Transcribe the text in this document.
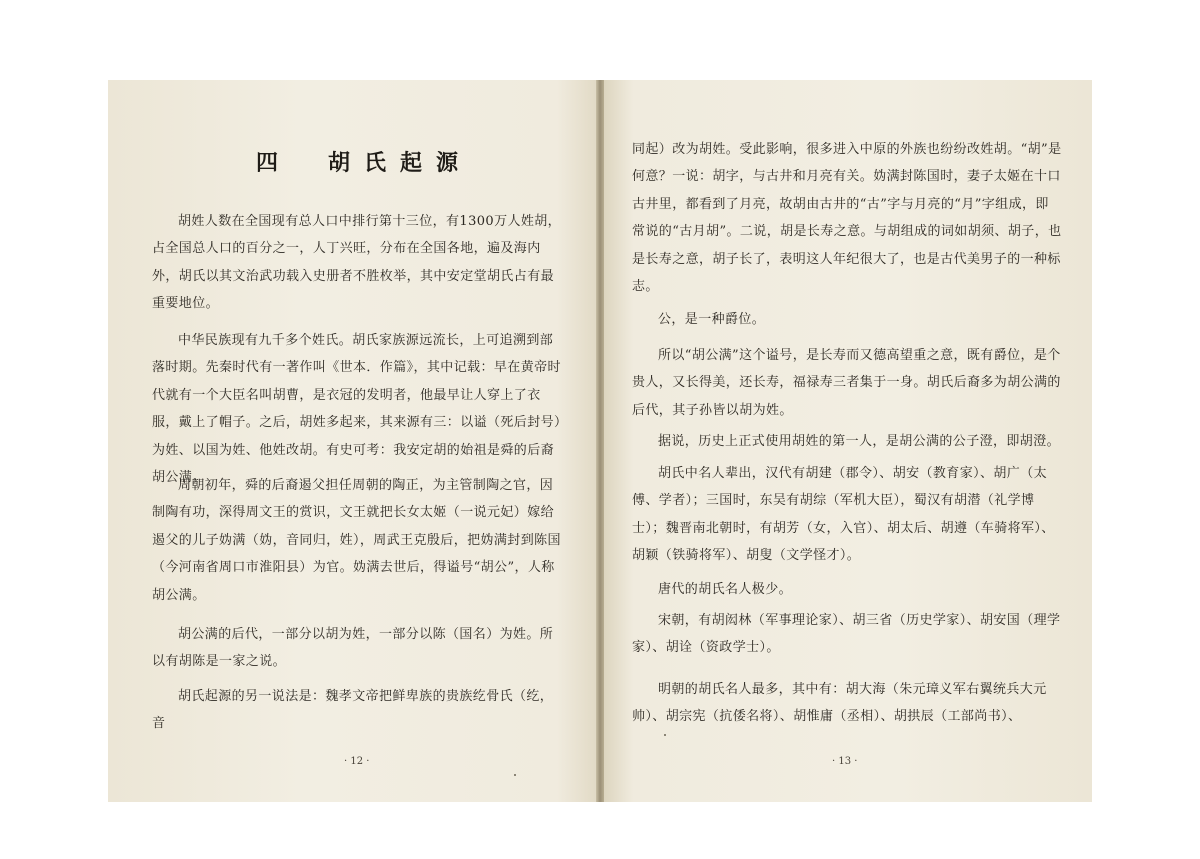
四　胡氏起源

胡姓人数在全国现有总人口中排行第十三位，有1300万人姓胡，占全国总人口的百分之一，人丁兴旺，分布在全国各地，遍及海内外，胡氏以其文治武功载入史册者不胜枚举，其中安定堂胡氏占有最重要地位。

中华民族现有九千多个姓氏。胡氏家族源远流长，上可追溯到部落时期。先秦时代有一著作叫《世本．作篇》，其中记载：早在黄帝时代就有一个大臣名叫胡曹，是衣冠的发明者，他最早让人穿上了衣服，戴上了帽子。之后，胡姓多起来，其来源有三：以谥（死后封号）为姓、以国为姓、他姓改胡。有史可考：我安定胡的始祖是舜的后裔胡公满。

周朝初年，舜的后裔遏父担任周朝的陶正，为主管制陶之官，因制陶有功，深得周文王的赏识，文王就把长女太姬（一说元妃）嫁给遏父的儿子妫满（妫，音同归，姓），周武王克殷后，把妫满封到陈国（今河南省周口市淮阳县）为官。妫满去世后，得谥号“胡公”，人称胡公满。

胡公满的后代，一部分以胡为姓，一部分以陈（国名）为姓。所以有胡陈是一家之说。

胡氏起源的另一说法是：魏孝文帝把鲜卑族的贵族纥骨氏（纥，音

· 12 ·

同起）改为胡姓。受此影响，很多进入中原的外族也纷纷改姓胡。“胡”是何意？一说：胡字，与古井和月亮有关。妫满封陈国时，妻子太姬在十口古井里，都看到了月亮，故胡由古井的“古”字与月亮的“月”字组成，即常说的“古月胡”。二说，胡是长寿之意。与胡组成的词如胡须、胡子，也是长寿之意，胡子长了，表明这人年纪很大了，也是古代美男子的一种标志。

公，是一种爵位。

所以“胡公满”这个谥号，是长寿而又德高望重之意，既有爵位，是个贵人，又长得美，还长寿，福禄寿三者集于一身。胡氏后裔多为胡公满的后代，其子孙皆以胡为姓。

据说，历史上正式使用胡姓的第一人，是胡公满的公子澄，即胡澄。

胡氏中名人辈出，汉代有胡建（郡令）、胡安（教育家）、胡广（太傅、学者）；三国时，东吴有胡综（军机大臣），蜀汉有胡潜（礼学博士）；魏晋南北朝时，有胡芳（女，入官）、胡太后、胡遵（车骑将军）、胡颖（铁骑将军）、胡叟（文学怪才）。

唐代的胡氏名人极少。

宋朝，有胡闳林（军事理论家）、胡三省（历史学家）、胡安国（理学家）、胡诠（资政学士）。

明朝的胡氏名人最多，其中有：胡大海（朱元璋义军右翼统兵大元帅）、胡宗宪（抗倭名将）、胡惟庸（丞相）、胡拱辰（工部尚书）、

· 13 ·
